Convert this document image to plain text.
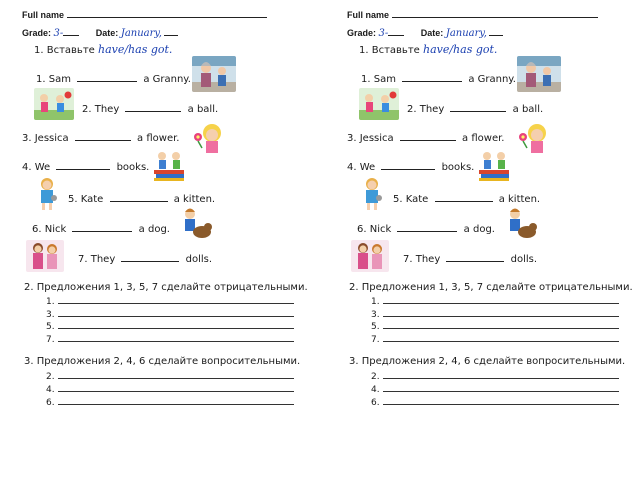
Full name
Grade: 3-	Date: January,
1. Вставьте have/has got.
1. Sam	a Granny.
2. They	a ball.
3. Jessica	a flower.
4. We	books.
5. Kate	a kitten.
6. Nick	a dog.
7. They	dolls.
2. Предложения 1, 3, 5, 7 сделайте отрицательными.
1.
3.
5.
7.
3. Предложения 2, 4, 6 сделайте вопросительными.
2.
4.
6.
Full name
Grade: 3-	Date: January,
1. Вставьте have/has got.
1. Sam	a Granny.
2. They	a ball.
3. Jessica	a flower.
4. We	books.
5. Kate	a kitten.
6. Nick	a dog.
7. They	dolls.
2. Предложения 1, 3, 5, 7 сделайте отрицательными.
1.
3.
5.
7.
3. Предложения 2, 4, 6 сделайте вопросительными.
2.
4.
6.
